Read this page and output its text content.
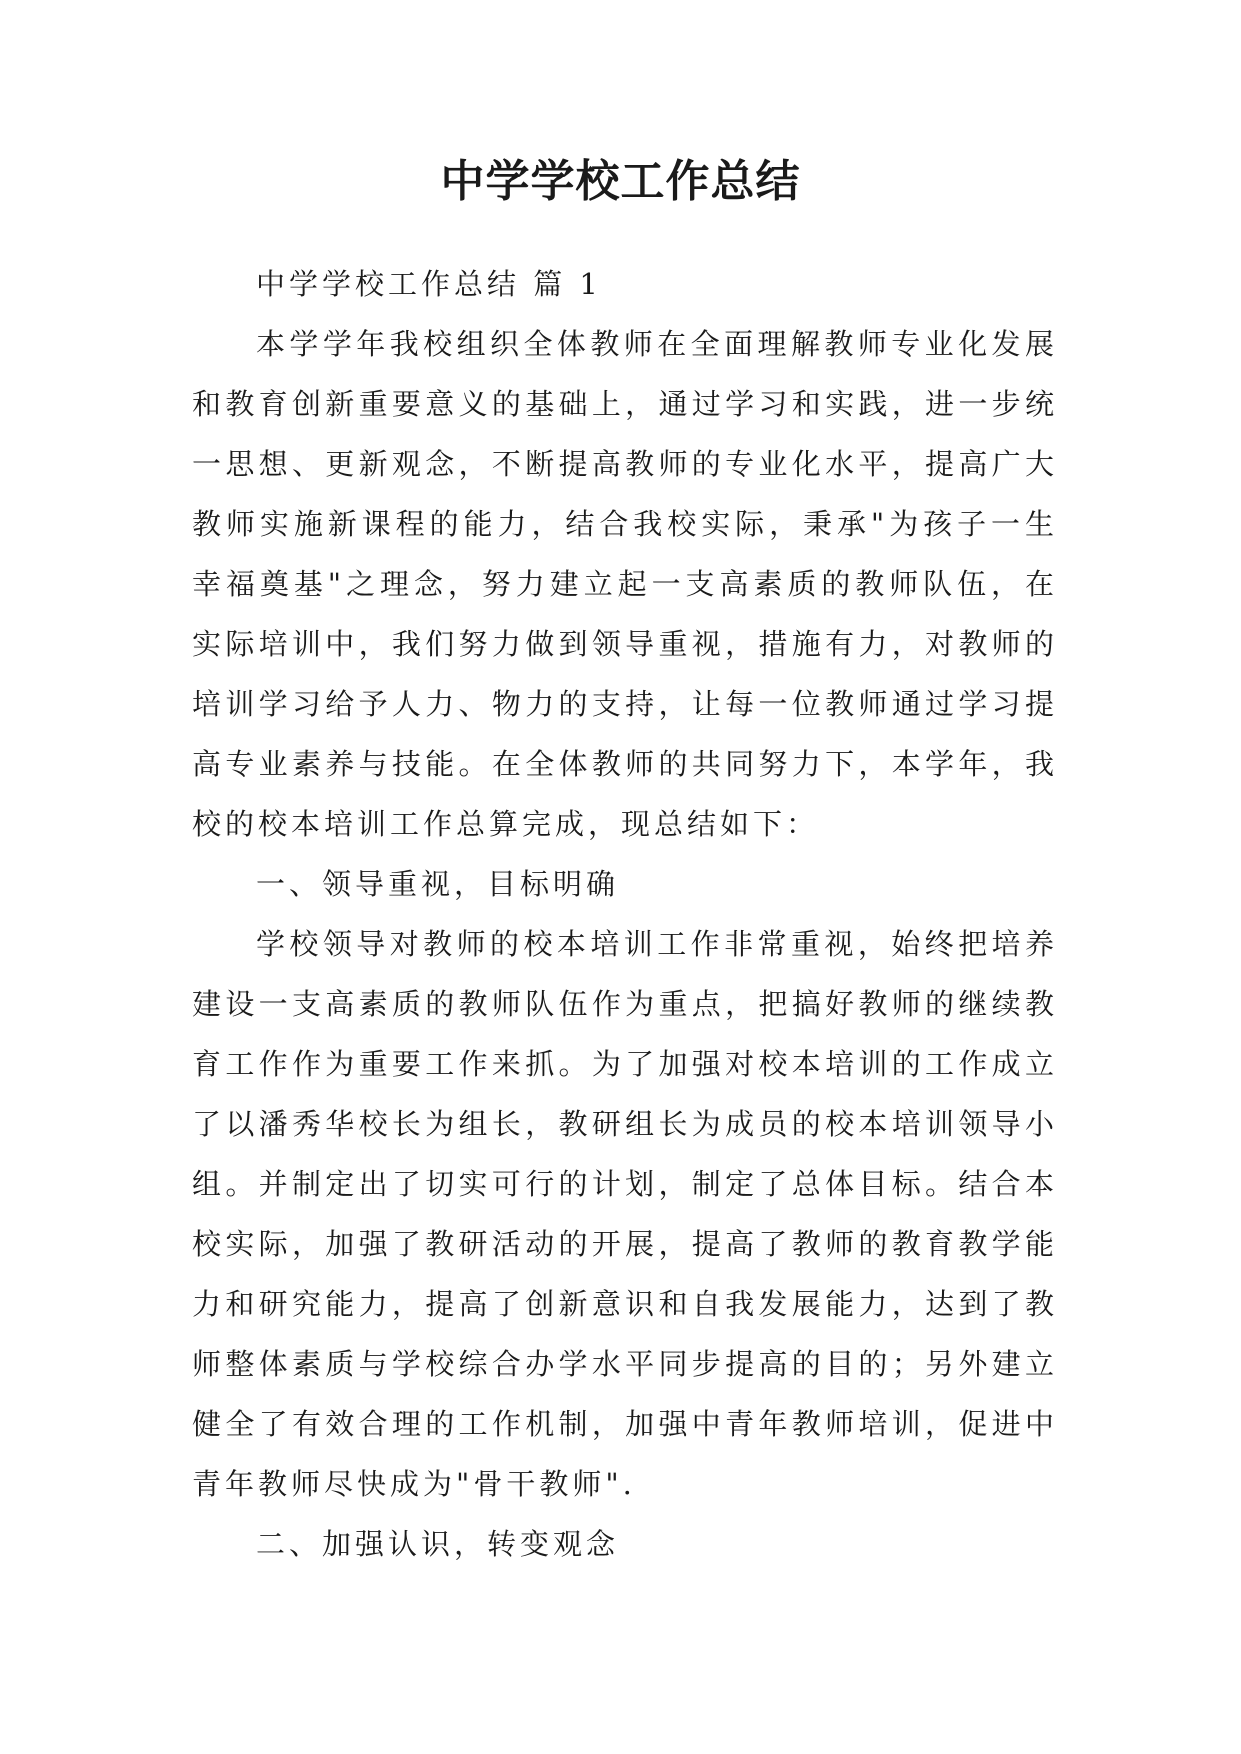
中学学校工作总结

中学学校工作总结 篇 1

本学学年我校组织全体教师在全面理解教师专业化发展和教育创新重要意义的基础上，通过学习和实践，进一步统一思想、更新观念，不断提高教师的专业化水平，提高广大教师实施新课程的能力，结合我校实际，秉承"为孩子一生幸福奠基"之理念，努力建立起一支高素质的教师队伍，在实际培训中，我们努力做到领导重视，措施有力，对教师的培训学习给予人力、物力的支持，让每一位教师通过学习提高专业素养与技能。在全体教师的共同努力下，本学年，我校的校本培训工作总算完成，现总结如下：

一、领导重视，目标明确

学校领导对教师的校本培训工作非常重视，始终把培养建设一支高素质的教师队伍作为重点，把搞好教师的继续教育工作作为重要工作来抓。为了加强对校本培训的工作成立了以潘秀华校长为组长，教研组长为成员的校本培训领导小组。并制定出了切实可行的计划，制定了总体目标。结合本校实际，加强了教研活动的开展，提高了教师的教育教学能力和研究能力，提高了创新意识和自我发展能力，达到了教师整体素质与学校综合办学水平同步提高的目的；另外建立健全了有效合理的工作机制，加强中青年教师培训，促进中青年教师尽快成为"骨干教师".

二、加强认识，转变观念
